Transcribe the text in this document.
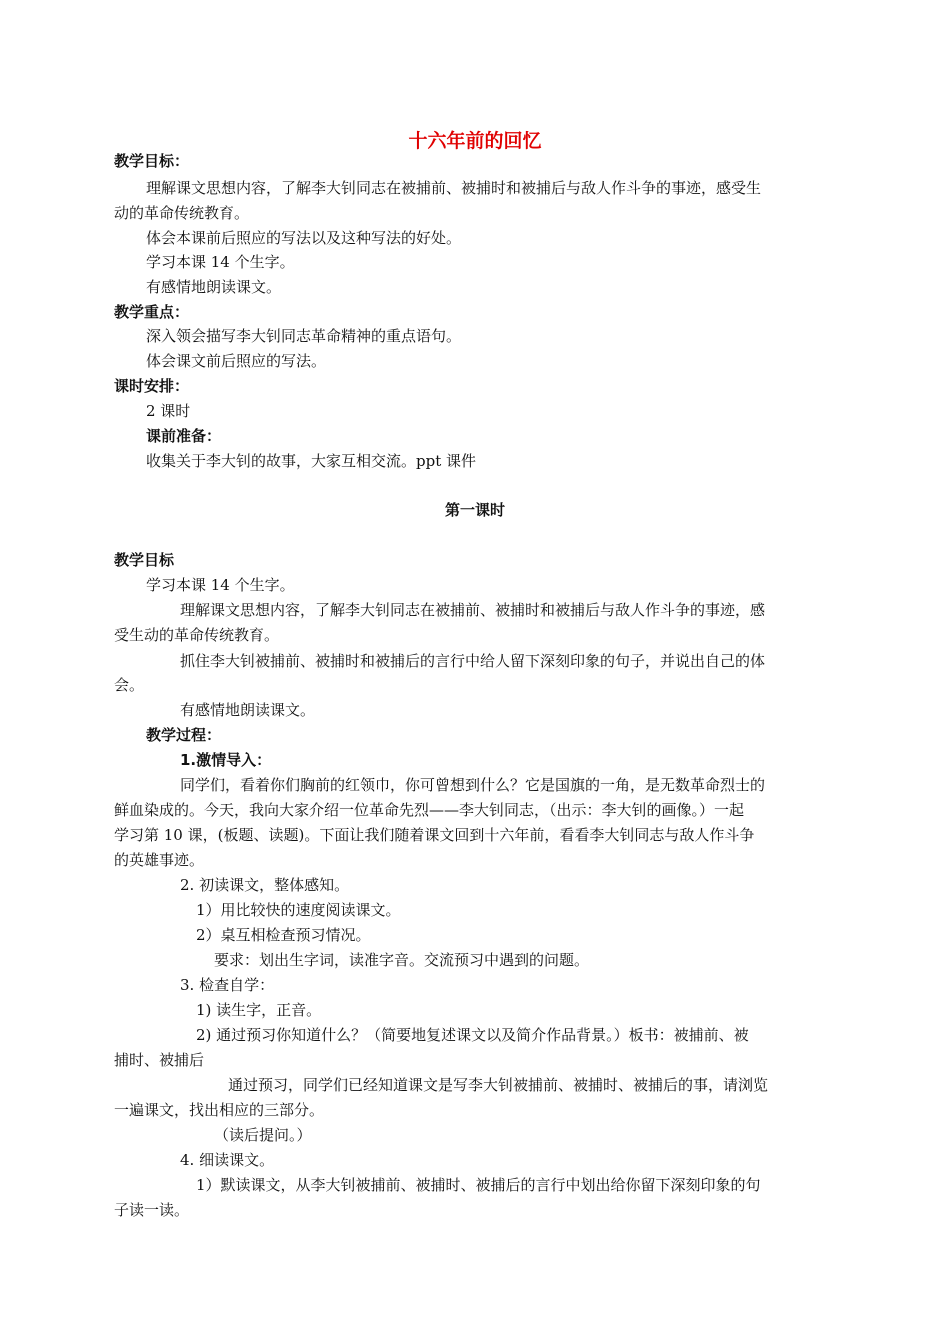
十六年前的回忆
教学目标：
理解课文思想内容，了解李大钊同志在被捕前、被捕时和被捕后与敌人作斗争的事迹，感受生
动的革命传统教育。
体会本课前后照应的写法以及这种写法的好处。
学习本课 14 个生字。
有感情地朗读课文。
教学重点：
深入领会描写李大钊同志革命精神的重点语句。
体会课文前后照应的写法。
课时安排：
2 课时
课前准备：
收集关于李大钊的故事，大家互相交流。ppt 课件
第一课时
教学目标
学习本课 14 个生字。
理解课文思想内容，了解李大钊同志在被捕前、被捕时和被捕后与敌人作斗争的事迹，感
受生动的革命传统教育。
抓住李大钊被捕前、被捕时和被捕后的言行中给人留下深刻印象的句子，并说出自己的体
会。
有感情地朗读课文。
教学过程：
1.激情导入：
同学们，看着你们胸前的红领巾，你可曾想到什么？它是国旗的一角，是无数革命烈士的
鲜血染成的。今天，我向大家介绍一位革命先烈——李大钊同志，（出示：李大钊的画像。）一起
学习第 10 课，(板题、读题)。下面让我们随着课文回到十六年前，看看李大钊同志与敌人作斗争
的英雄事迹。
2. 初读课文，整体感知。
1）用比较快的速度阅读课文。
2）桌互相检查预习情况。
要求：划出生字词，读准字音。交流预习中遇到的问题。
3. 检查自学：
1) 读生字，正音。
2) 通过预习你知道什么？（简要地复述课文以及简介作品背景。）板书：被捕前、被
捕时、被捕后
通过预习，同学们已经知道课文是写李大钊被捕前、被捕时、被捕后的事，请浏览
一遍课文，找出相应的三部分。
（读后提问。）
4. 细读课文。
1）默读课文，从李大钊被捕前、被捕时、被捕后的言行中划出给你留下深刻印象的句
子读一读。
